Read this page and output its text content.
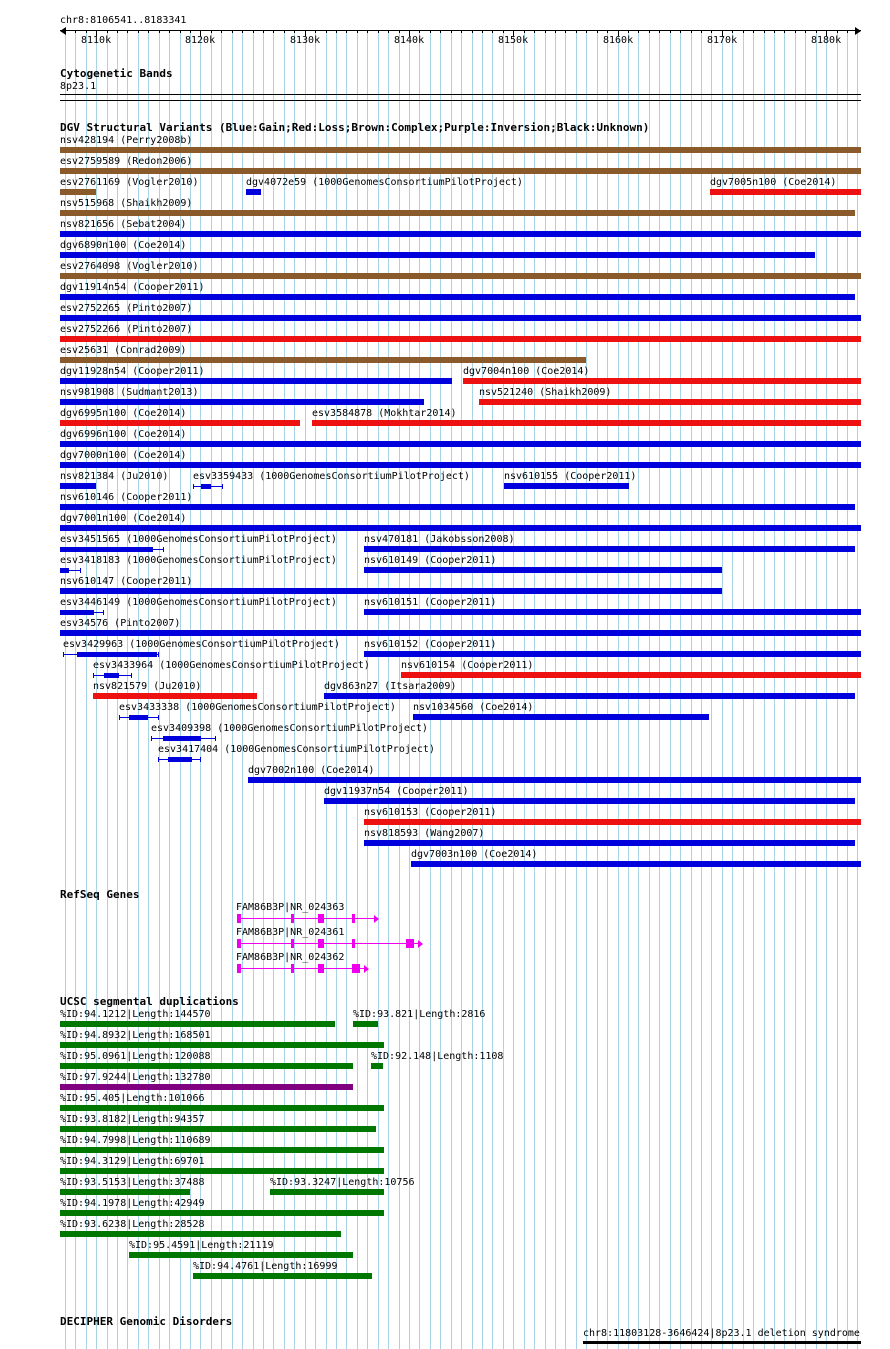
chr8:8106541..8183341
8110k	8120k	8130k	8140k	8150k	8160k	8170k	8180k
Cytogenetic Bands
8p23.1
DGV Structural Variants (Blue:Gain;Red:Loss;Brown:Complex;Purple:Inversion;Black:Unknown)
nsv428194 (Perry2008b)
esv2759589 (Redon2006)
esv2761169 (Vogler2010)	dgv4072e59 (1000GenomesConsortiumPilotProject)	dgv7005n100 (Coe2014)
nsv515968 (Shaikh2009)
nsv821656 (Sebat2004)
dgv6890n100 (Coe2014)
esv2764098 (Vogler2010)
dgv11914n54 (Cooper2011)
esv2752265 (Pinto2007)
esv2752266 (Pinto2007)
esv25631 (Conrad2009)
dgv11928n54 (Cooper2011)	dgv7004n100 (Coe2014)
nsv981908 (Sudmant2013)	nsv521240 (Shaikh2009)
dgv6995n100 (Coe2014)	esv3584878 (Mokhtar2014)
dgv6996n100 (Coe2014)
dgv7000n100 (Coe2014)
nsv821384 (Ju2010) esv3359433 (1000GenomesConsortiumPilotProject)	nsv610155 (Cooper2011)
nsv610146 (Cooper2011)
dgv7001n100 (Coe2014)
esv3451565 (1000GenomesConsortiumPilotProject)	nsv470181 (Jakobsson2008)
esv3418183 (1000GenomesConsortiumPilotProject)	nsv610149 (Cooper2011)
nsv610147 (Cooper2011)
esv3446149 (1000GenomesConsortiumPilotProject)	nsv610151 (Cooper2011)
esv34576 (Pinto2007)
esv3429963 (1000GenomesConsortiumPilotProject) nsv610152 (Cooper2011)
esv3433964 (1000GenomesConsortiumPilotProject)	nsv610154 (Cooper2011)
nsv821579 (Ju2010)	dgv863n27 (Itsara2009)
esv3433338 (1000GenomesConsortiumPilotProject) nsv1034560 (Coe2014)
esv3409398 (1000GenomesConsortiumPilotProject)
esv3417404 (1000GenomesConsortiumPilotProject)
dgv7002n100 (Coe2014)
dgv11937n54 (Cooper2011)
nsv610153 (Cooper2011)
nsv818593 (Wang2007)
dgv7003n100 (Coe2014)
RefSeq Genes
FAM86B3P|NR_024363
FAM86B3P|NR_024361
FAM86B3P|NR_024362
UCSC segmental duplications
%ID:94.1212|Length:144570	%ID:93.821|Length:2816
%ID:94.8932|Length:168501
%ID:95.0961|Length:120088	%ID:92.148|Length:1108
%ID:97.9244|Length:132780
%ID:95.405|Length:101066
%ID:93.8182|Length:94357
%ID:94.7998|Length:110689
%ID:94.3129|Length:69701
%ID:93.5153|Length:37488	%ID:93.3247|Length:10756
%ID:94.1978|Length:42949
%ID:93.6238|Length:28528
%ID:95.4591|Length:21119
%ID:94.4761|Length:16999
DECIPHER Genomic Disorders
chr8:11803128-3646424|8p23.1 deletion syndrome
